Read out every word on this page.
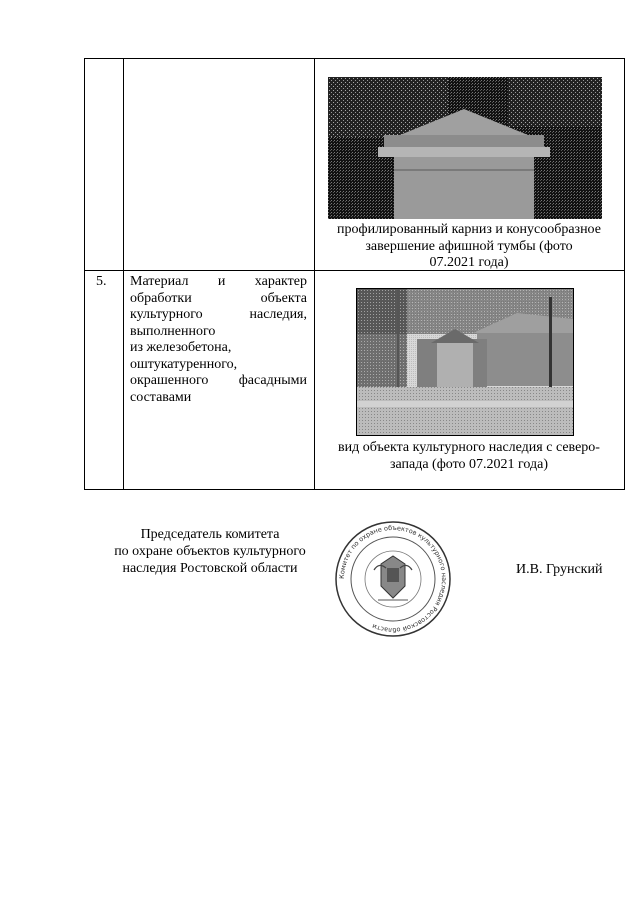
профилированный карниз и конусообразное
завершение афишной тумбы (фото
07.2021 года)
5. Материал и характер
обработки объекта
культурного наследия,
выполненного
из железобетона,
оштукатуренного,
окрашенного фасадными
составами
вид объекта культурного наследия с северо-
запада (фото 07.2021 года)
Председатель комитета
по охране объектов культурного
наследия Ростовской области
Комитет по охране объектов культурного наследия Ростовской области
И.В. Грунский
